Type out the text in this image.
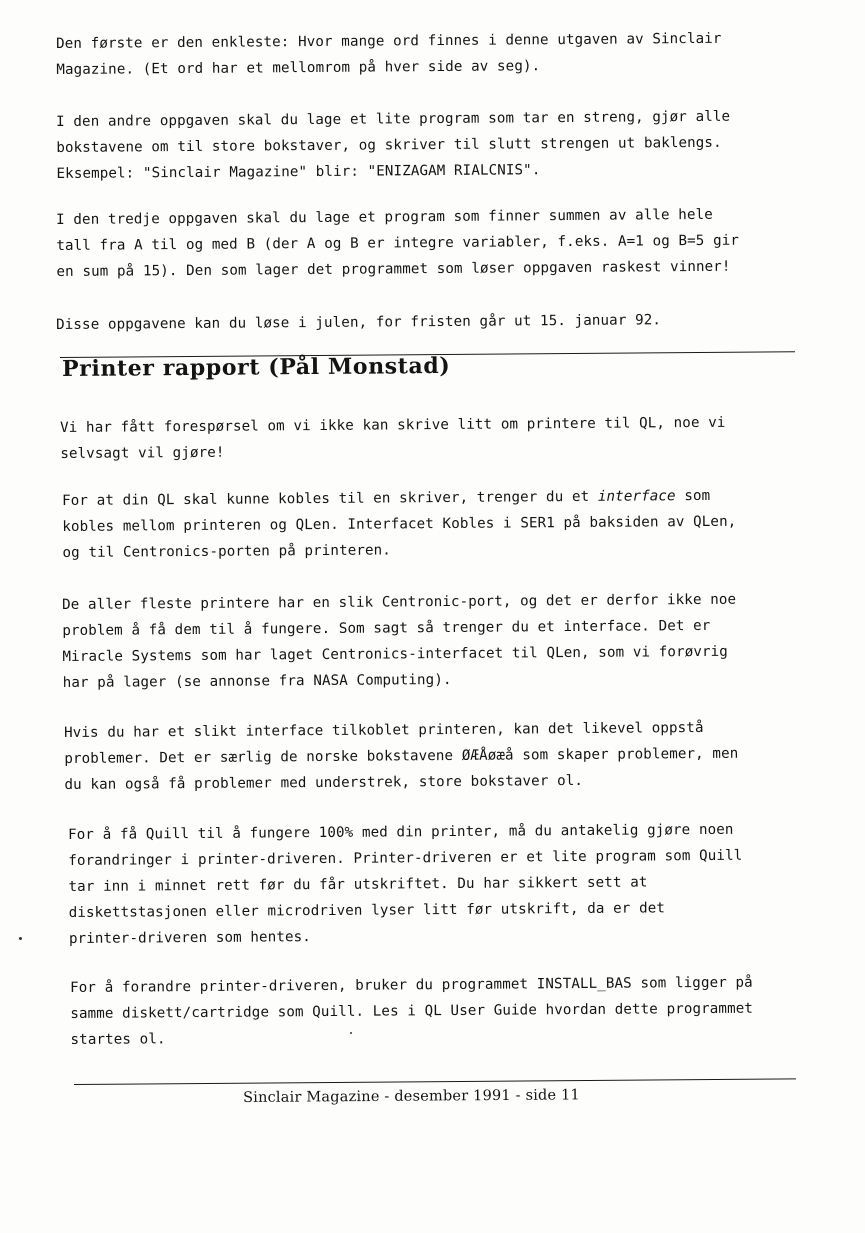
Den første er den enkleste: Hvor mange ord finnes i denne utgaven av Sinclair
Magazine. (Et ord har et mellomrom på hver side av seg).

I den andre oppgaven skal du lage et lite program som tar en streng, gjør alle
bokstavene om til store bokstaver, og skriver til slutt strengen ut baklengs.
Eksempel: "Sinclair Magazine" blir: "ENIZAGAM RIALCNIS".

I den tredje oppgaven skal du lage et program som finner summen av alle hele
tall fra A til og med B (der A og B er integre variabler, f.eks. A=1 og B=5 gir
en sum på 15). Den som lager det programmet som løser oppgaven raskest vinner!

Disse oppgavene kan du løse i julen, for fristen går ut 15. januar 92.

Printer rapport (Pål Monstad)

Vi har fått forespørsel om vi ikke kan skrive litt om printere til QL, noe vi
selvsagt vil gjøre!

For at din QL skal kunne kobles til en skriver, trenger du et interface som
kobles mellom printeren og QLen. Interfacet Kobles i SER1 på baksiden av QLen,
og til Centronics-porten på printeren.

De aller fleste printere har en slik Centronic-port, og det er derfor ikke noe
problem å få dem til å fungere. Som sagt så trenger du et interface. Det er
Miracle Systems som har laget Centronics-interfacet til QLen, som vi forøvrig
har på lager (se annonse fra NASA Computing).

Hvis du har et slikt interface tilkoblet printeren, kan det likevel oppstå
problemer. Det er særlig de norske bokstavene ØÆÅøæå som skaper problemer, men
du kan også få problemer med understrek, store bokstaver ol.

For å få Quill til å fungere 100% med din printer, må du antakelig gjøre noen
forandringer i printer-driveren. Printer-driveren er et lite program som Quill
tar inn i minnet rett før du får utskriftet. Du har sikkert sett at
diskettstasjonen eller microdriven lyser litt før utskrift, da er det
printer-driveren som hentes.

For å forandre printer-driveren, bruker du programmet INSTALL_BAS som ligger på
samme diskett/cartridge som Quill. Les i QL User Guide hvordan dette programmet
startes ol.

Sinclair Magazine - desember 1991 - side 11
